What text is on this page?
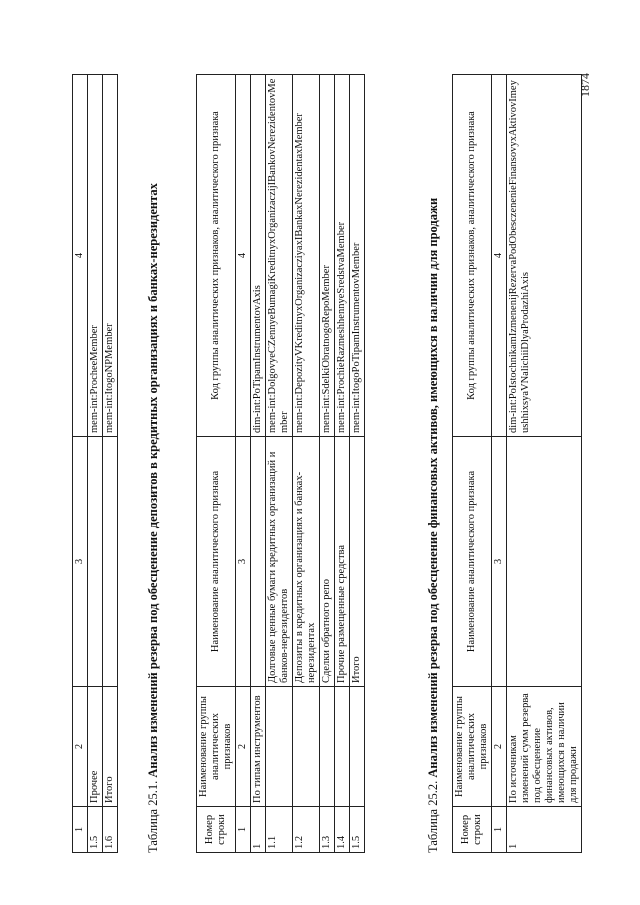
1	2	3	4
1.5	Прочее		mem-int:ProcheeMember
1.6	Итого		mem-int:ItogoNPMember
Таблица 25.1. Анализ изменений резерва под обесценение депозитов в кредитных организациях и банках-нерезидентах
Номер строки	Наименование группы аналитических признаков	Наименование аналитического признака	Код группы аналитических признаков, аналитического признака
1	2	3	4
1	По типам инструментов		dim-int:PoTipamInstrumentovAxis
1.1		Долговые ценные бумаги кредитных организаций и банков-нерезидентов	mem-int:DolgovyeCZennyeBumagiKreditnyxOrganizaczijIBankovNerezidentovMember
1.2		Депозиты в кредитных организациях и банках-нерезидентах	mem-int:DepozityVKreditnyxOrganizacziyaxIBankaxNerezidentaxMember
1.3		Сделки обратного репо	mem-int:SdelkiObratnogoRepoMember
1.4		Прочие размещенные средства	mem-int:ProchieRazmeshhennyeSredstvaMember
1.5		Итого	mem-int:ItogoPoTipamInstrumentovMember
Таблица 25.2. Анализ изменений резерва под обесценение финансовых активов, имеющихся в наличии для продажи
Номер строки	Наименование группы аналитических признаков	Наименование аналитического признака	Код группы аналитических признаков, аналитического признака
1	2	3	4
1	По источникам изменений сумм резерва под обесценение финансовых активов, имеющихся в наличии для продажи		dim-int:PoIstochnikamIzmenenijRezervaPodObesczenenieFinansovyxAktivovImeyushhixsyaVNalichiiDlyaProdazhiAxis
1874
